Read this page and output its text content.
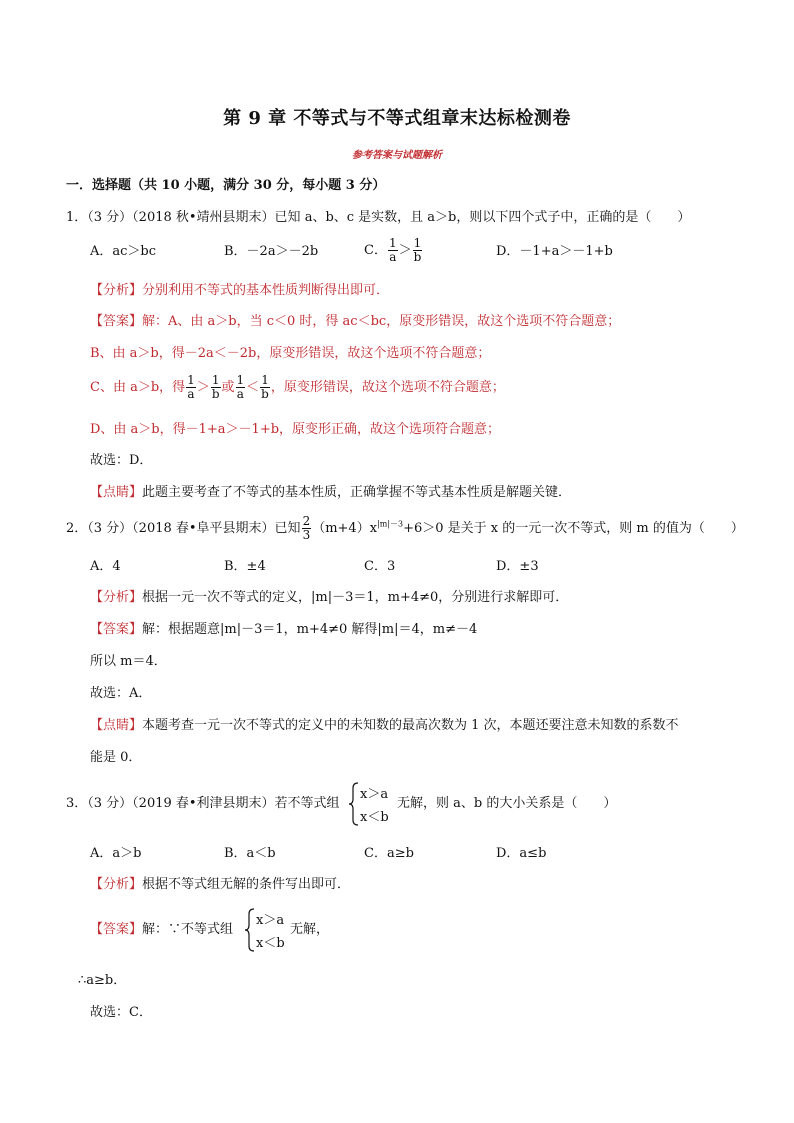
第 9 章 不等式与不等式组章末达标检测卷
参考答案与试题解析
一．选择题（共 10 小题，满分 30 分，每小题 3 分）
1．（3 分）（2018 秋•靖州县期末）已知 a、b、c 是实数，且 a＞b，则以下四个式子中，正确的是（　　）
A．ac＞bc	B．－2a＞－2b	C． $\frac{1}{a} > \frac{1}{b}$	D．－1+a＞－1+b
【分析】分别利用不等式的基本性质判断得出即可．
【答案】解：A、由 a＞b，当 c＜0 时，得 ac＜bc，原变形错误，故这个选项不符合题意；
B、由 a＞b，得－2a＜－2b，原变形错误，故这个选项不符合题意；
C、由 a＞b，得 $\frac{1}{a} > \frac{1}{b}$ 或 $\frac{1}{a} < \frac{1}{b}$ ，原变形错误，故这个选项不符合题意；
D、由 a＞b，得－1+a＞－1+b，原变形正确，故这个选项符合题意；
故选：D．
【点睛】此题主要考查了不等式的基本性质，正确掌握不等式基本性质是解题关键．
2．（3 分）（2018 春•阜平县期末）已知 $\frac{2}{3} (m+4)x^{|m|-3}+6>0$ 是关于 x 的一元一次不等式，则 m 的值为（　　）
A．4	B．±4	C．3	D．±3
【分析】根据一元一次不等式的定义，|m|－3＝1，m+4≠0，分别进行求解即可．
【答案】解：根据题意|m|－3＝1，m+4≠0 解得|m|＝4，m≠－4
所以 m＝4．
故选：A．
【点睛】本题考查一元一次不等式的定义中的未知数的最高次数为 1 次，本题还要注意未知数的系数不
能是 0．
3．（3 分）（2019 春•利津县期末）若不等式组
x＞a
x＜b
无解，则 a、b 的大小关系是（　　）
A．a＞b	B．a＜b	C．a≥b	D．a≤b
【分析】根据不等式组无解的条件写出即可．
【答案】解：∵不等式组
x＞a
x＜b
无解，
∴a≥b．
故选：C．
